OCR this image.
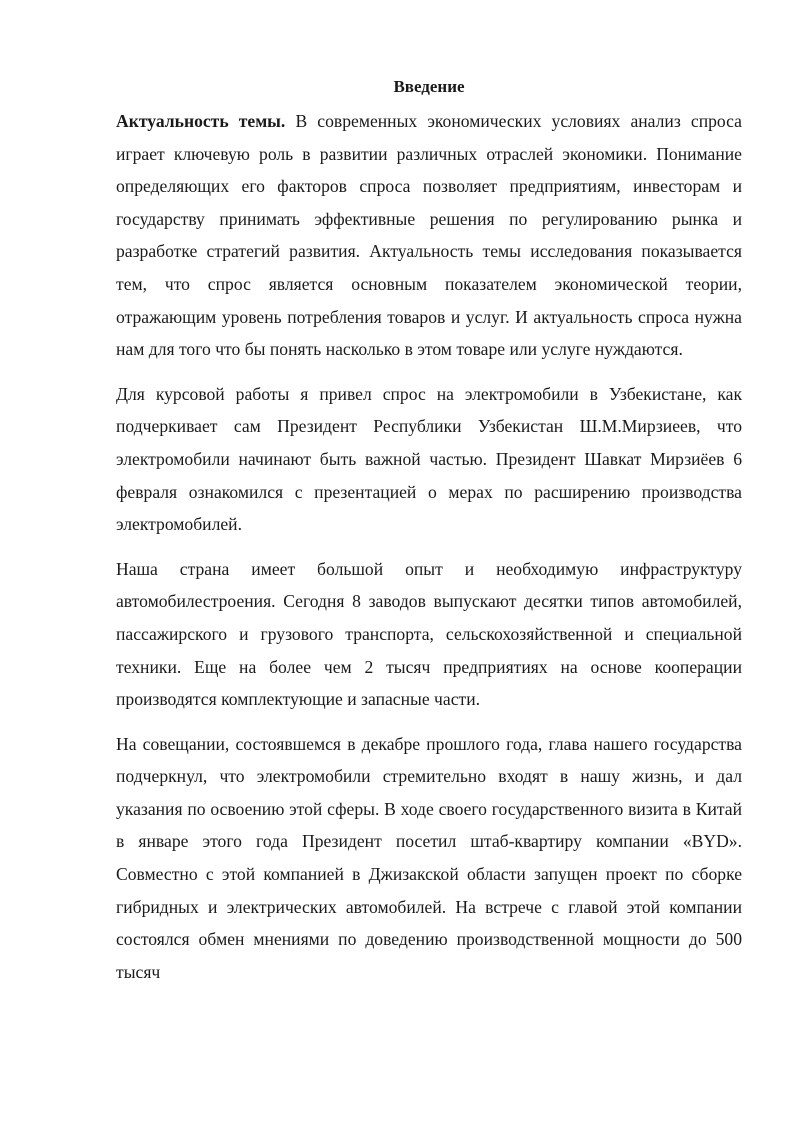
Введение

Актуальность темы. В современных экономических условиях анализ спроса играет ключевую роль в развитии различных отраслей экономики. Понимание определяющих его факторов спроса позволяет предприятиям, инвесторам и государству принимать эффективные решения по регулированию рынка и разработке стратегий развития. Актуальность темы исследования показывается тем, что спрос является основным показателем экономической теории, отражающим уровень потребления товаров и услуг. И актуальность спроса нужна нам для того что бы понять насколько в этом товаре или услуге нуждаются.

Для курсовой работы я привел спрос на электромобили в Узбекистане, как подчеркивает сам Президент Республики Узбекистан Ш.М.Мирзиеев, что электромобили начинают быть важной частью. Президент Шавкат Мирзиёев 6 февраля ознакомился с презентацией о мерах по расширению производства электромобилей.

Наша страна имеет большой опыт и необходимую инфраструктуру автомобилестроения. Сегодня 8 заводов выпускают десятки типов автомобилей, пассажирского и грузового транспорта, сельскохозяйственной и специальной техники. Еще на более чем 2 тысяч предприятиях на основе кооперации производятся комплектующие и запасные части.

На совещании, состоявшемся в декабре прошлого года, глава нашего государства подчеркнул, что электромобили стремительно входят в нашу жизнь, и дал указания по освоению этой сферы. В ходе своего государственного визита в Китай в январе этого года Президент посетил штаб-квартиру компании «BYD». Совместно с этой компанией в Джизакской области запущен проект по сборке гибридных и электрических автомобилей. На встрече с главой этой компании состоялся обмен мнениями по доведению производственной мощности до 500 тысяч
